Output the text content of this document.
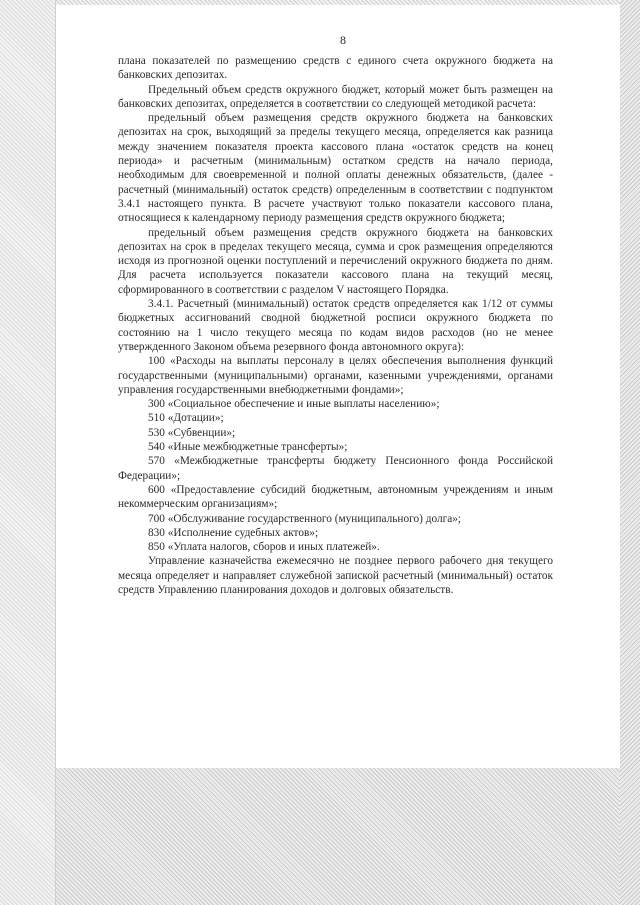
8

плана показателей по размещению средств с единого счета окружного бюджета на банковских депозитах.

Предельный объем средств окружного бюджет, который может быть размещен на банковских депозитах, определяется в соответствии со следующей методикой расчета:

предельный объем размещения средств окружного бюджета на банковских депозитах на срок, выходящий за пределы текущего месяца, определяется как разница между значением показателя проекта кассового плана «остаток средств на конец периода» и расчетным (минимальным) остатком средств на начало периода, необходимым для своевременной и полной оплаты денежных обязательств, (далее - расчетный (минимальный) остаток средств) определенным в соответствии с подпунктом 3.4.1 настоящего пункта. В расчете участвуют только показатели кассового плана, относящиеся к календарному периоду размещения средств окружного бюджета;

предельный объем размещения средств окружного бюджета на банковских депозитах на срок в пределах текущего месяца, сумма и срок размещения определяются исходя из прогнозной оценки поступлений и перечислений окружного бюджета по дням. Для расчета используется показатели кассового плана на текущий месяц, сформированного в соответствии с разделом V настоящего Порядка.

3.4.1. Расчетный (минимальный) остаток средств определяется как 1/12 от суммы бюджетных ассигнований сводной бюджетной росписи окружного бюджета по состоянию на 1 число текущего месяца по кодам видов расходов (но не менее утвержденного Законом объема резервного фонда автономного округа):

100 «Расходы на выплаты персоналу в целях обеспечения выполнения функций государственными (муниципальными) органами, казенными учреждениями, органами управления государственными внебюджетными фондами»;

300 «Социальное обеспечение и иные выплаты населению»;

510 «Дотации»;

530 «Субвенции»;

540 «Иные межбюджетные трансферты»;

570 «Межбюджетные трансферты бюджету Пенсионного фонда Российской Федерации»;

600 «Предоставление субсидий бюджетным, автономным учреждениям и иным некоммерческим организациям»;

700 «Обслуживание государственного (муниципального) долга»;

830 «Исполнение судебных актов»;

850 «Уплата налогов, сборов и иных платежей».

Управление казначейства ежемесячно не позднее первого рабочего дня текущего месяца определяет и направляет служебной запиской расчетный (минимальный) остаток средств Управлению планирования доходов и долговых обязательств.
